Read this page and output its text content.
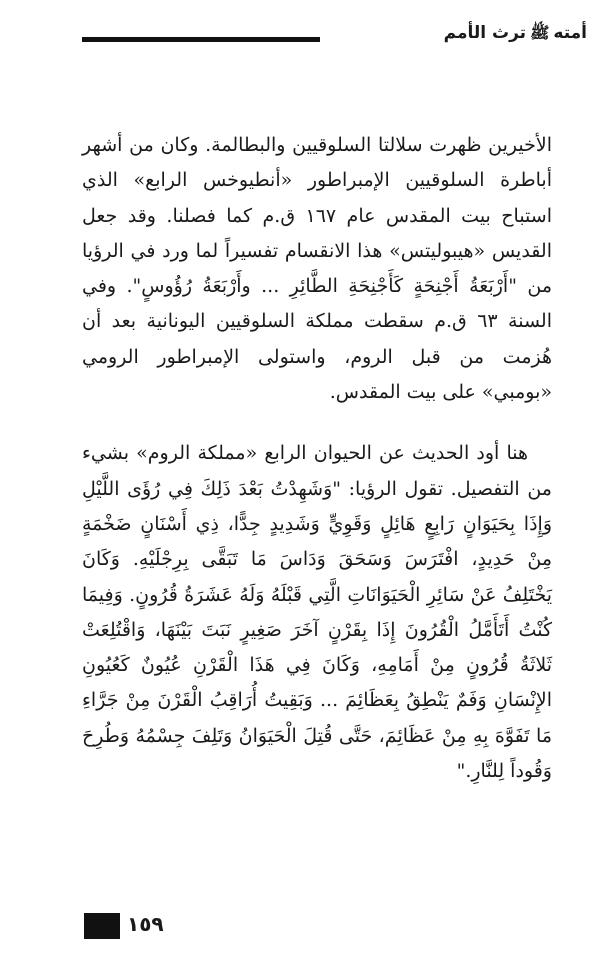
أمتهﷺترث الأمم

الأخيرين ظهرت سلالتا السلوقيين والبطالمة. وكان من أشهر أباطرة السلوقيين الإمبراطور «أنطيوخس الرابع» الذي استباح بيت المقدس عام ١٦٧ ق.م كما فصلنا. وقد جعل القديس «هيبوليتس» هذا الانقسام تفسيراً لما ورد في الرؤيا من "أَرْبَعَةُ أَجْنِحَةٍ كَأَجْنِحَةِ الطَّائِرِ ... وأَرْبَعَةُ رُؤُوسٍ". وفي السنة ٦٣ ق.م سقطت مملكة السلوقيين اليونانية بعد أن هُزمت من قبل الروم، واستولى الإمبراطور الرومي «بومبي» على بيت المقدس.

هنا أود الحديث عن الحيوان الرابع «مملكة الروم» بشيء من التفصيل. تقول الرؤيا: "وَشَهِدْتُ بَعْدَ ذَلِكَ فِي رُؤَى اللَّيْلِ وَإِذَا بِحَيَوَانٍ رَابِعٍ هَائِلٍ وَقَوِيٍّ وَشَدِيدٍ جِدًّا، ذِي أَسْنَانٍ ضَخْمَةٍ مِنْ حَدِيدٍ، افْتَرَسَ وَسَحَقَ وَدَاسَ مَا تَبَقَّى بِرِجْلَيْهِ. وَكَانَ يَخْتَلِفُ عَنْ سَائِرِ الْحَيَوَانَاتِ الَّتِي قَبْلَهُ وَلَهُ عَشَرَةُ قُرُونٍ. وَفِيمَا كُنْتُ أَتَأَمَّلُ الْقُرُونَ إِذَا بِقَرْنٍ آخَرَ صَغِيرٍ نَبَتَ بَيْنَهَا، وَاقْتُلِعَتْ ثَلاثَةُ قُرُونٍ مِنْ أَمَامِهِ، وَكَانَ فِي هَذَا الْقَرْنِ عُيُونٌ كَعُيُونِ الإِنْسَانِ وَفَمٌ يَنْطِقُ بِعَظَائِمَ ... وَبَقِيتُ أُرَاقِبُ الْقَرْنَ مِنْ جَرَّاءِ مَا تَفَوَّهَ بِهِ مِنْ عَظَائِمَ، حَتَّى قُتِلَ الْحَيَوَانُ وَتَلِفَ جِسْمُهُ وَطُرِحَ وَقُوداً لِلنَّارِ."

١٥٩
